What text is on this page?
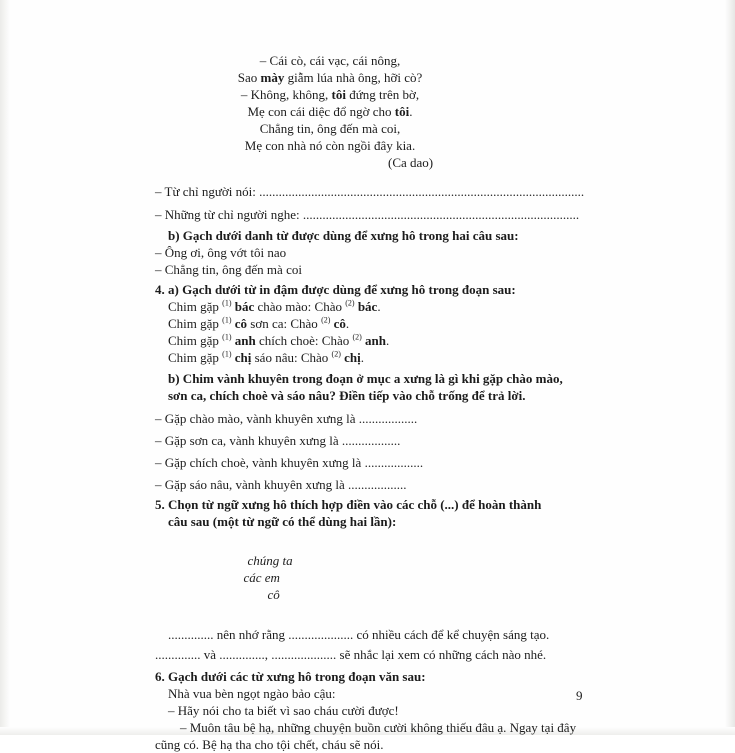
– Cái cò, cái vạc, cái nông,
Sao mày giẫm lúa nhà ông, hỡi cò?
– Không, không, tôi đứng trên bờ,
Mẹ con cái diệc đổ ngờ cho tôi.
Chẳng tin, ông đến mà coi,
Mẹ con nhà nó còn ngồi đây kia.
(Ca dao)
– Từ chỉ người nói: ....................................................................................................
– Những từ chỉ người nghe: .....................................................................................
b) Gạch dưới danh từ được dùng để xưng hô trong hai câu sau:
– Ông ơi, ông vớt tôi nao
– Chẳng tin, ông đến mà coi
4. a) Gạch dưới từ in đậm được dùng để xưng hô trong đoạn sau:
Chim gặp $^{(1)}$ bác chào mào: Chào $^{(2)}$ bác.
Chim gặp $^{(1)}$ cô sơn ca: Chào $^{(2)}$ cô.
Chim gặp $^{(1)}$ anh chích choè: Chào $^{(2)}$ anh.
Chim gặp $^{(1)}$ chị sáo nâu: Chào $^{(2)}$ chị.
b) Chim vành khuyên trong đoạn ở mục a xưng là gì khi gặp chào mào,
sơn ca, chích choè và sáo nâu? Điền tiếp vào chỗ trống để trả lời.
– Gặp chào mào, vành khuyên xưng là ..................
– Gặp sơn ca, vành khuyên xưng là ..................
– Gặp chích choè, vành khuyên xưng là ..................
– Gặp sáo nâu, vành khuyên xưng là ..................
5. Chọn từ ngữ xưng hô thích hợp điền vào các chỗ (...) để hoàn thành
câu sau (một từ ngữ có thể dùng hai lần):

chúng ta
các em
cô

.............. nên nhớ rằng .................... có nhiều cách để kể chuyện sáng tạo.
.............. và .............., .................... sẽ nhắc lại xem có những cách nào nhé.
6. Gạch dưới các từ xưng hô trong đoạn văn sau:
Nhà vua bèn ngọt ngào bảo cậu:
– Hãy nói cho ta biết vì sao cháu cười được!
– Muôn tâu bệ hạ, những chuyện buồn cười không thiếu đâu ạ. Ngay tại đây
cũng có. Bệ hạ tha cho tội chết, cháu sẽ nói.
9
